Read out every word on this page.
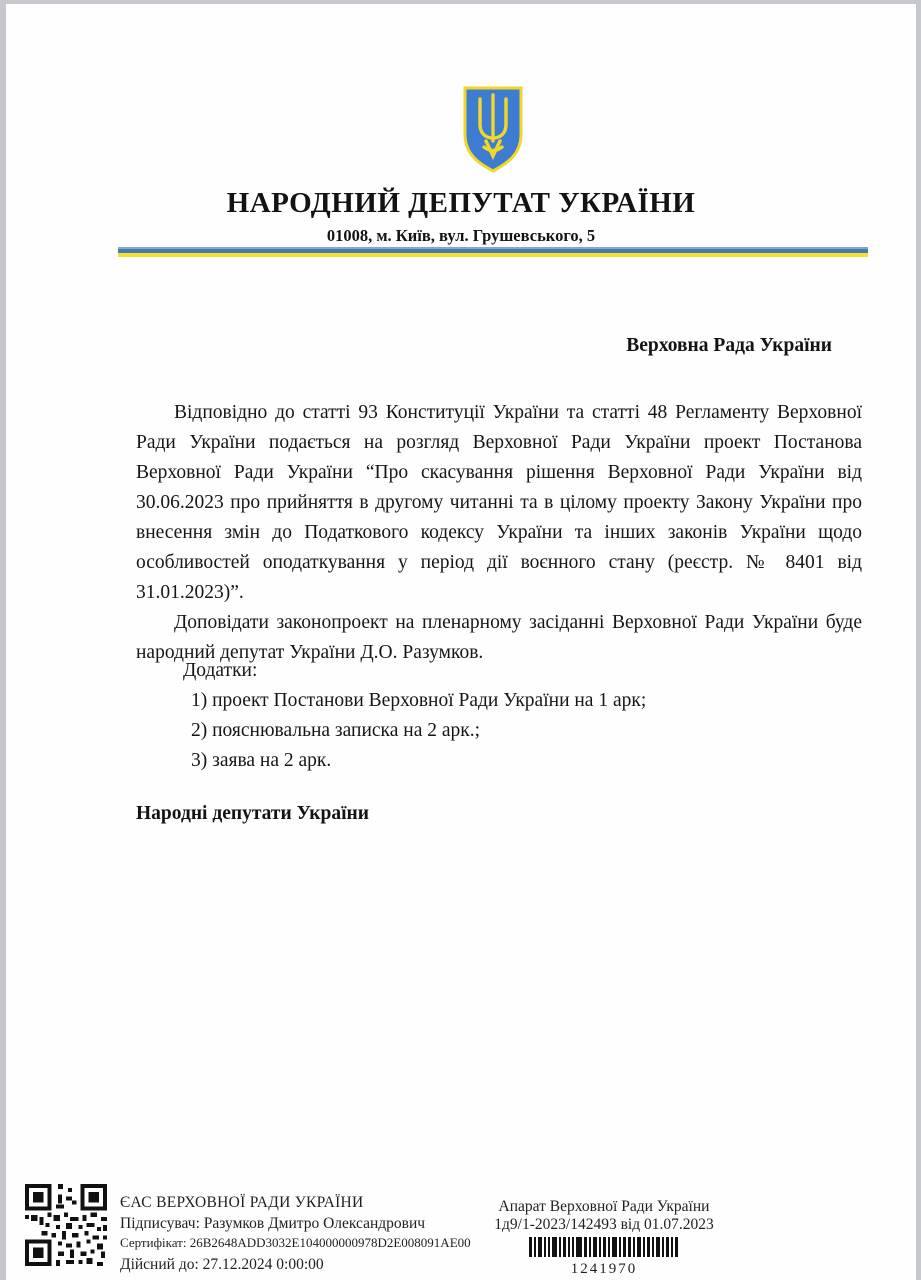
НАРОДНИЙ ДЕПУТАТ УКРАЇНИ
01008, м. Київ, вул. Грушевського, 5
Верховна Рада України

Відповідно до статті 93 Конституції України та статті 48 Регламенту Верховної Ради України подається на розгляд Верховної Ради України проект Постанова Верховної Ради України “Про скасування рішення Верховної Ради України від 30.06.2023 про прийняття в другому читанні та в цілому проекту Закону України про внесення змін до Податкового кодексу України та інших законів України щодо особливостей оподаткування у період дії воєнного стану (реєстр. № 8401 від 31.01.2023)”.

Доповідати законопроект на пленарному засіданні Верховної Ради України буде народний депутат України Д.О. Разумков.

Додатки:
1) проект Постанови Верховної Ради України на 1 арк;
2) пояснювальна записка на 2 арк.;
3) заява на 2 арк.
Народні депутати України
ЄАС ВЕРХОВНОЇ РАДИ УКРАЇНИ
Підписувач: Разумков Дмитро Олександрович
Сертифікат: 26B2648ADD3032E104000000978D2E008091AE00
Дійсний до: 27.12.2024 0:00:00
Апарат Верховної Ради України
1д9/1-2023/142493 від 01.07.2023
1241970
